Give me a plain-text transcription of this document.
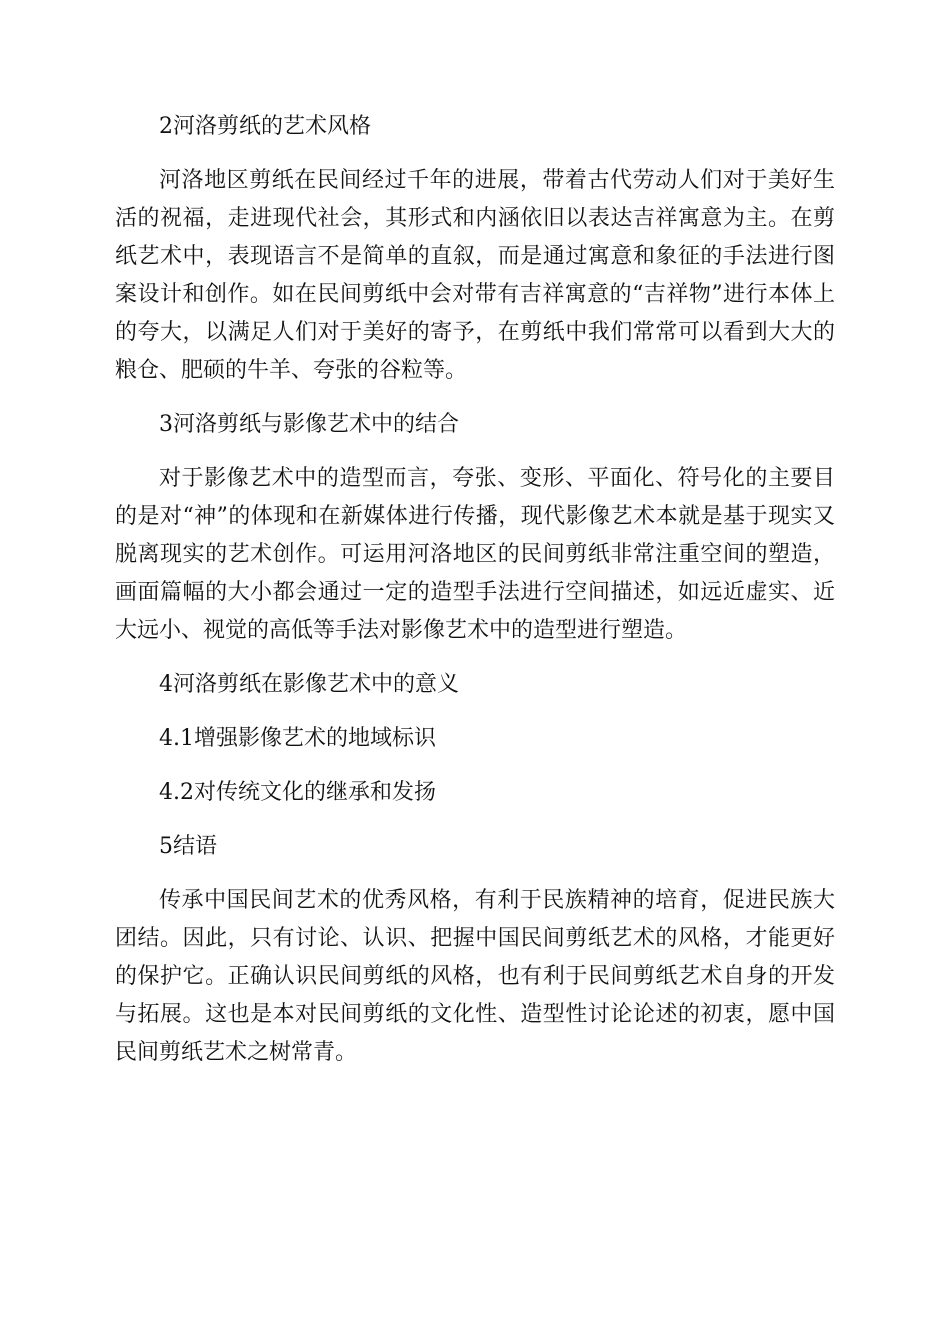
2河洛剪纸的艺术风格
河洛地区剪纸在民间经过千年的进展，带着古代劳动人们对于美好生活的祝福，走进现代社会，其形式和内涵依旧以表达吉祥寓意为主。在剪纸艺术中，表现语言不是简单的直叙，而是通过寓意和象征的手法进行图案设计和创作。如在民间剪纸中会对带有吉祥寓意的“吉祥物”进行本体上的夸大，以满足人们对于美好的寄予，在剪纸中我们常常可以看到大大的粮仓、肥硕的牛羊、夸张的谷粒等。
3河洛剪纸与影像艺术中的结合
对于影像艺术中的造型而言，夸张、变形、平面化、符号化的主要目的是对“神”的体现和在新媒体进行传播，现代影像艺术本就是基于现实又脱离现实的艺术创作。可运用河洛地区的民间剪纸非常注重空间的塑造，画面篇幅的大小都会通过一定的造型手法进行空间描述，如远近虚实、近大远小、视觉的高低等手法对影像艺术中的造型进行塑造。
4河洛剪纸在影像艺术中的意义
4.1增强影像艺术的地域标识
4.2对传统文化的继承和发扬
5结语
传承中国民间艺术的优秀风格，有利于民族精神的培育，促进民族大团结。因此，只有讨论、认识、把握中国民间剪纸艺术的风格，才能更好的保护它。正确认识民间剪纸的风格，也有利于民间剪纸艺术自身的开发与拓展。这也是本对民间剪纸的文化性、造型性讨论论述的初衷，愿中国民间剪纸艺术之树常青。
